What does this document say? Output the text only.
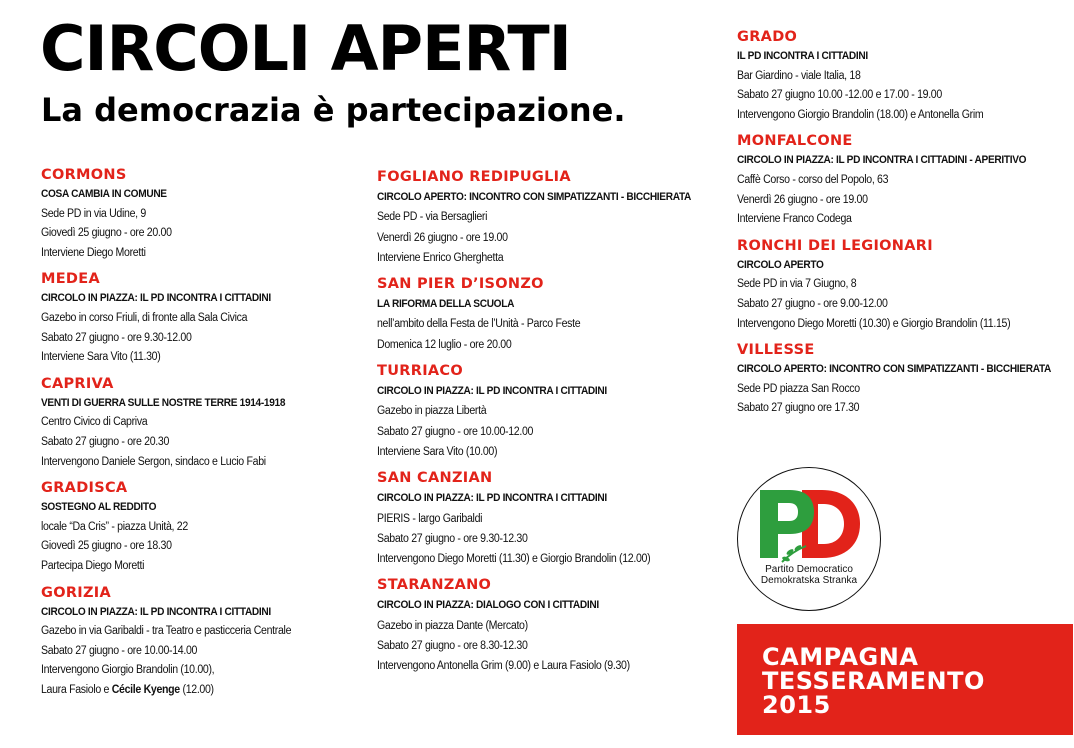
CIRCOLI APERTI
La democrazia è partecipazione.
CORMONS
COSA CAMBIA IN COMUNE
Sede PD in via Udine, 9
Giovedì 25 giugno - ore 20.00
Interviene Diego Moretti
MEDEA
CIRCOLO IN PIAZZA: IL PD INCONTRA I CITTADINI
Gazebo in corso Friuli, di fronte alla Sala Civica
Sabato 27 giugno - ore 9.30-12.00
Interviene Sara Vito (11.30)
CAPRIVA
VENTI DI GUERRA SULLE NOSTRE TERRE 1914-1918
Centro Civico di Capriva
Sabato 27 giugno - ore 20.30
Intervengono Daniele Sergon, sindaco e Lucio Fabi
GRADISCA
SOSTEGNO AL REDDITO
locale “Da Cris” - piazza Unità, 22
Giovedì 25 giugno - ore 18.30
Partecipa Diego Moretti
GORIZIA
CIRCOLO IN PIAZZA: IL PD INCONTRA I CITTADINI
Gazebo in via Garibaldi - tra Teatro e pasticceria Centrale
Sabato 27 giugno - ore 10.00-14.00
Intervengono Giorgio Brandolin (10.00),
Laura Fasiolo e Cécile Kyenge (12.00)
FOGLIANO REDIPUGLIA
CIRCOLO APERTO: INCONTRO CON SIMPATIZZANTI - BICCHIERATA
Sede PD - via Bersaglieri
Venerdì 26 giugno - ore 19.00
Interviene Enrico Gherghetta
SAN PIER D’ISONZO
LA RIFORMA DELLA SCUOLA
nell’ambito della Festa de l’Unità - Parco Feste
Domenica 12 luglio - ore 20.00
TURRIACO
CIRCOLO IN PIAZZA: IL PD INCONTRA I CITTADINI
Gazebo in piazza Libertà
Sabato 27 giugno - ore 10.00-12.00
Interviene Sara Vito (10.00)
SAN CANZIAN
CIRCOLO IN PIAZZA: IL PD INCONTRA I CITTADINI
PIERIS - largo Garibaldi
Sabato 27 giugno - ore 9.30-12.30
Intervengono Diego Moretti (11.30) e Giorgio Brandolin (12.00)
STARANZANO
CIRCOLO IN PIAZZA: DIALOGO CON I CITTADINI
Gazebo in piazza Dante (Mercato)
Sabato 27 giugno - ore 8.30-12.30
Intervengono Antonella Grim (9.00) e Laura Fasiolo (9.30)
GRADO
IL PD INCONTRA I CITTADINI
Bar Giardino - viale Italia, 18
Sabato 27 giugno 10.00 -12.00 e 17.00 - 19.00
Intervengono Giorgio Brandolin (18.00) e Antonella Grim
MONFALCONE
CIRCOLO IN PIAZZA: IL PD INCONTRA I CITTADINI - APERITIVO
Caffè Corso - corso del Popolo, 63
Venerdì 26 giugno - ore 19.00
Interviene Franco Codega
RONCHI DEI LEGIONARI
CIRCOLO APERTO
Sede PD in via 7 Giugno, 8
Sabato 27 giugno - ore 9.00-12.00
Intervengono Diego Moretti (10.30) e Giorgio Brandolin (11.15)
VILLESSE
CIRCOLO APERTO: INCONTRO CON SIMPATIZZANTI - BICCHIERATA
Sede PD piazza San Rocco
Sabato 27 giugno ore 17.30
Partito Democratico
Demokratska Stranka
CAMPAGNA
TESSERAMENTO
2015
